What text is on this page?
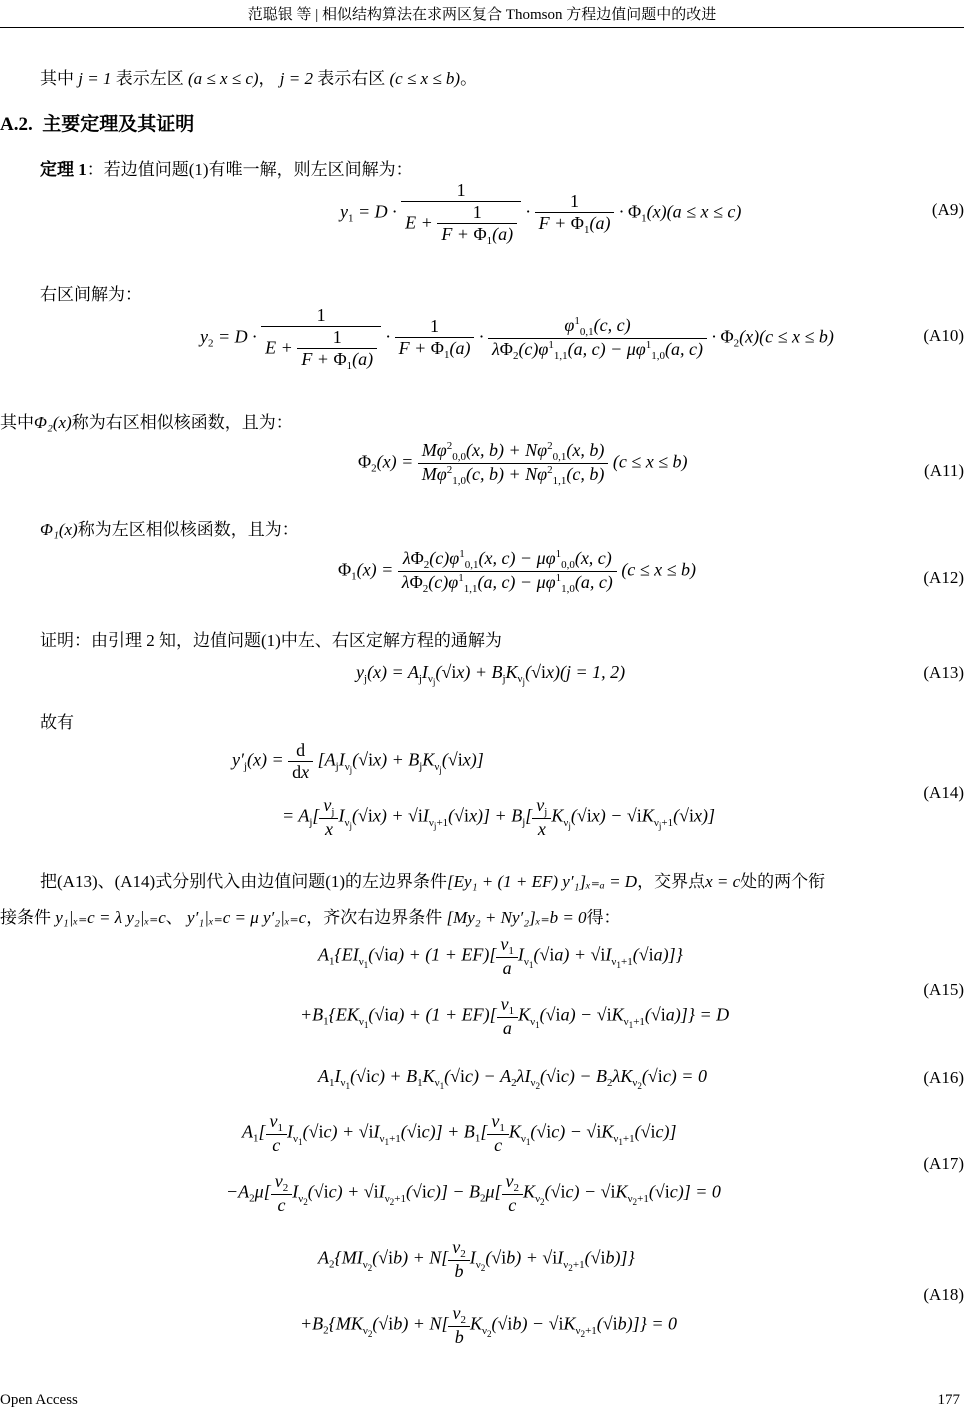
范聪银 等 | 相似结构算法在求两区复合 Thomson 方程边值问题中的改进
其中 j = 1 表示左区 (a ≤ x ≤ c)， j = 2 表示右区 (c ≤ x ≤ b)。
A.2. 主要定理及其证明
定理 1：若边值问题(1)有唯一解，则左区间解为：
$y_1 = D \cdot \frac{1}{E + \frac{1}{F + \Phi_1(a)}} \cdot \frac{1}{F + \Phi_1(a)} \cdot \Phi_1(x)(a \le x \le c)$	(A9)
右区间解为：
$y_2 = D \cdot \frac{1}{E + \frac{1}{F + \Phi_1(a)}} \cdot \frac{1}{F + \Phi_1(a)} \cdot \frac{\varphi^1_{0,1}(c, c)}{\lambda\Phi_2(c)\varphi^1_{1,1}(a, c) - \mu\varphi^1_{1,0}(a, c)} \cdot \Phi_2(x)(c \le x \le b)$	(A10)
其中Φ₂(x)称为右区相似核函数，且为：
$\Phi_2(x) = \frac{M\varphi^2_{0,0}(x, b) + N\varphi^2_{0,1}(x, b)}{M\varphi^2_{1,0}(c, b) + N\varphi^2_{1,1}(c, b)} (c \le x \le b)$	(A11)
Φ₁(x)称为左区相似核函数，且为：
$\Phi_1(x) = \frac{\lambda\Phi_2(c)\varphi^1_{0,1}(x, c) - \mu\varphi^1_{0,0}(x, c)}{\lambda\Phi_2(c)\varphi^1_{1,1}(a, c) - \mu\varphi^1_{1,0}(a, c)} (c \le x \le b)$	(A12)
证明：由引理 2 知，边值问题(1)中左、右区定解方程的通解为
$y_j(x) = A_jI_{\nu_j}(√ix) + B_jK_{\nu_j}(√ix)(j = 1$, 2)	(A13)
故有
$y'_j(x) = \frac{d}{dx} [A_jI_{\nu_j}(√ix) + B_jK_{\nu_j}(√ix)]$
= $A_j[ \frac{\nu_j}{x} I_{\nu_j}(√ix) + √iI_{\nu_j+1}(√ix)] + B_j[ \frac{\nu_j}{x} K_{\nu_j}(√ix) - √iK_{\nu_j+1}(√ix)]$
(A14)
把(A13)、(A14)式分别代入由边值问题(1)的左边界条件[Ey₁ + (1 + EF) y′₁]ₓ₌ₐ = D，交界点x = c处的两个衔
接条件 y₁|ₓ₌c = λ y₂|ₓ₌c、 y′₁|ₓ₌c = μ y′₂|ₓ₌c，齐次右边界条件 [My₂ + Ny′₂]ₓ₌b = 0得：
$A_1\{EI_{\nu_1}(√ia) + (1 + EF)[ \frac{\nu_1}{a} I_{\nu_1}(√ia) + √iI_{\nu_1+1}(√ia)]\}$
$+B_1\{EK_{\nu_1}(√ia) + (1 + EF)[ \frac{\nu_1}{a} K_{\nu_1}(√ia) - √iK_{\nu_1+1}(√ia)]\} = D$
(A15)
$A_1I_{\nu_1}(√ic) + B_1K_{\nu_1}(√ic) - A_2\lambda I_{\nu_2}(√ic) - B_2\lambda K_{\nu_2}(√ic) = 0$	(A16)
$A_1[ \frac{\nu_1}{c} I_{\nu_1}(√ic) + √iI_{\nu_1+1}(√ic)] + B_1[ \frac{\nu_1}{c} K_{\nu_1}(√ic) - √iK_{\nu_1+1}(√ic)]$
$-A_2\mu[ \frac{\nu_2}{c} I_{\nu_2}(√ic) + √iI_{\nu_2+1}(√ic)] - B_2\mu[ \frac{\nu_2}{c} K_{\nu_2}(√ic) - √iK_{\nu_2+1}(√ic)] = 0$
(A17)
$A_2\{MI_{\nu_2}(√ib) + N[ \frac{\nu_2}{b} I_{\nu_2}(√ib) + √iI_{\nu_2+1}(√ib)]\}$
$+B_2\{MK_{\nu_2}(√ib) + N[ \frac{\nu_2}{b} K_{\nu_2}(√ib) - √iK_{\nu_2+1}(√ib)]\} = 0$
(A18)
Open Access	177
